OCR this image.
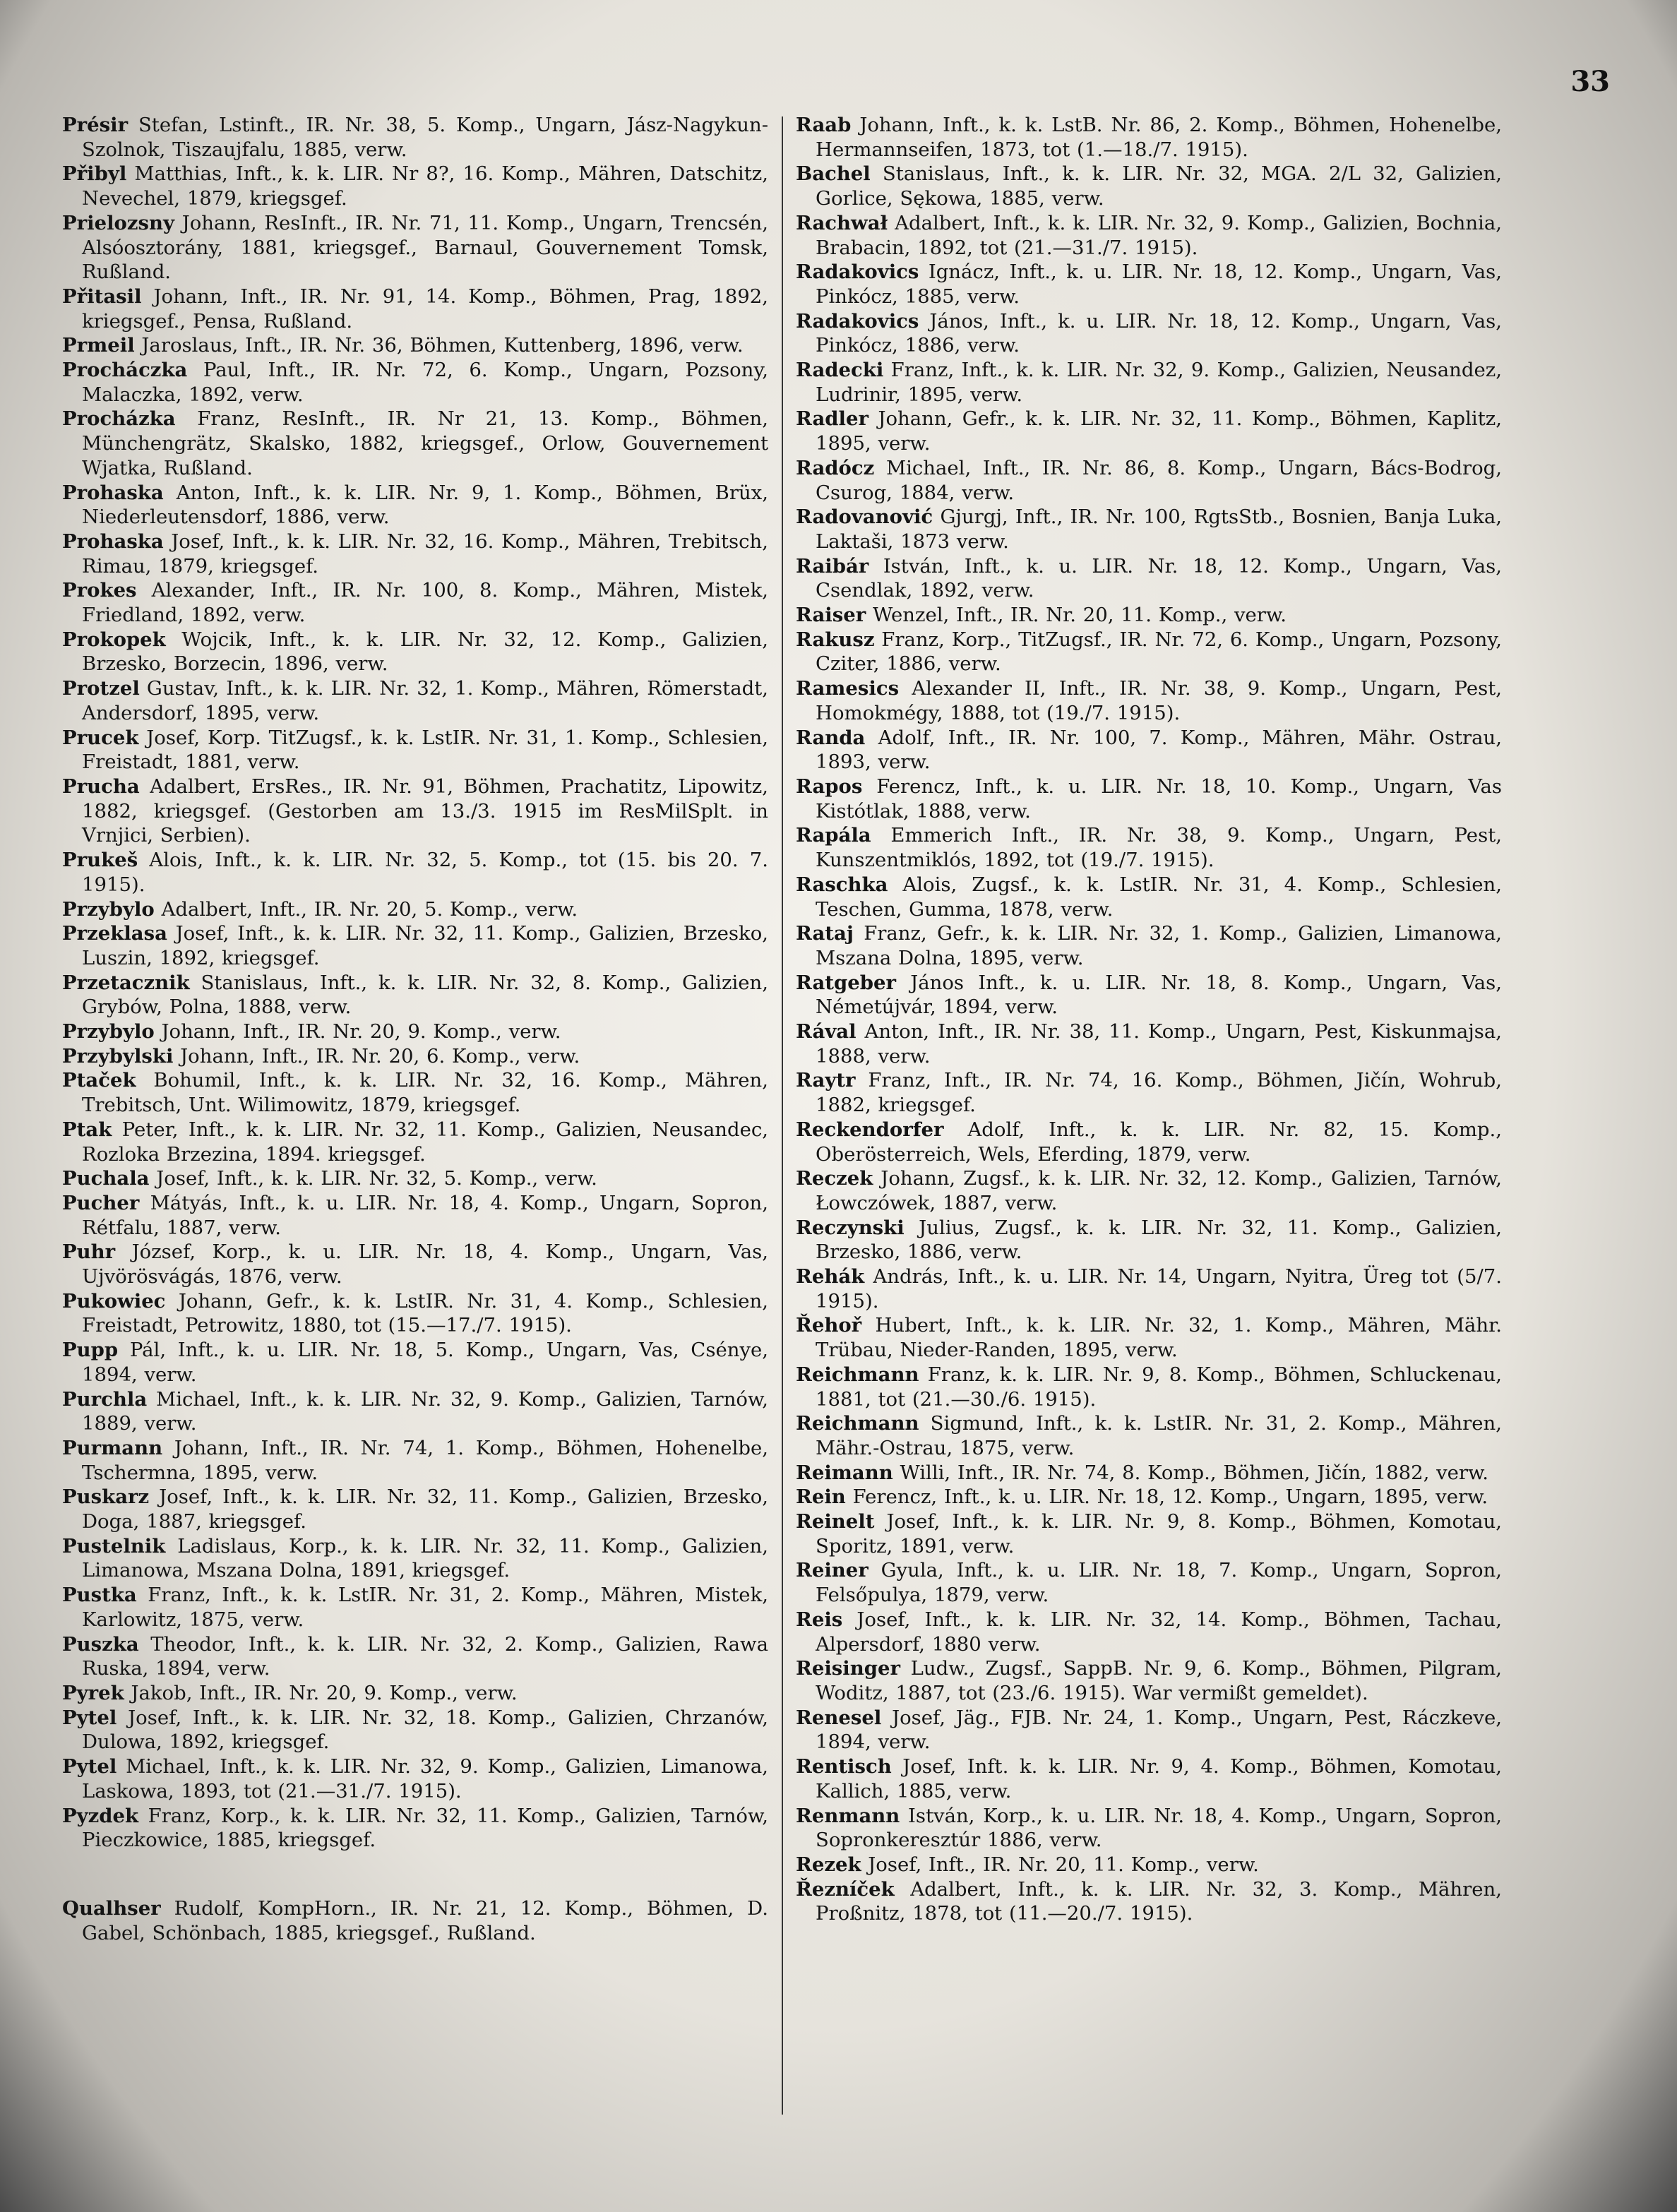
33

Présir Stefan, Lstinft., IR. Nr. 38, 5. Komp., Ungarn, Jász-Nagykun-Szolnok, Tiszaujfalu, 1885, verw.

Přibyl Matthias, Inft., k. k. LIR. Nr 8?, 16. Komp., Mähren, Datschitz, Nevechel, 1879, kriegsgef.

Prielozsny Johann, ResInft., IR. Nr. 71, 11. Komp., Ungarn, Trencsén, Alsóosztorány, 1881, kriegsgef., Barnaul, Gouvernement Tomsk, Rußland.

Přitasil Johann, Inft., IR. Nr. 91, 14. Komp., Böhmen, Prag, 1892, kriegsgef., Pensa, Rußland.

Prmeil Jaroslaus, Inft., IR. Nr. 36, Böhmen, Kuttenberg, 1896, verw.

Procháczka Paul, Inft., IR. Nr. 72, 6. Komp., Ungarn, Pozsony, Malaczka, 1892, verw.

Procházka Franz, ResInft., IR. Nr 21, 13. Komp., Böhmen, Münchengrätz, Skalsko, 1882, kriegsgef., Orlow, Gouvernement Wjatka, Rußland.

Prohaska Anton, Inft., k. k. LIR. Nr. 9, 1. Komp., Böhmen, Brüx, Niederleutensdorf, 1886, verw.

Prohaska Josef, Inft., k. k. LIR. Nr. 32, 16. Komp., Mähren, Trebitsch, Rimau, 1879, kriegsgef.

Prokes Alexander, Inft., IR. Nr. 100, 8. Komp., Mähren, Mistek, Friedland, 1892, verw.

Prokopek Wojcik, Inft., k. k. LIR. Nr. 32, 12. Komp., Galizien, Brzesko, Borzecin, 1896, verw.

Protzel Gustav, Inft., k. k. LIR. Nr. 32, 1. Komp., Mähren, Römerstadt, Andersdorf, 1895, verw.

Prucek Josef, Korp. TitZugsf., k. k. LstIR. Nr. 31, 1. Komp., Schlesien, Freistadt, 1881, verw.

Prucha Adalbert, ErsRes., IR. Nr. 91, Böhmen, Prachatitz, Lipowitz, 1882, kriegsgef. (Gestorben am 13./3. 1915 im ResMilSplt. in Vrnjici, Serbien).

Prukeš Alois, Inft., k. k. LIR. Nr. 32, 5. Komp., tot (15. bis 20. 7. 1915).

Przybylo Adalbert, Inft., IR. Nr. 20, 5. Komp., verw.

Przeklasa Josef, Inft., k. k. LIR. Nr. 32, 11. Komp., Galizien, Brzesko, Luszin, 1892, kriegsgef.

Przetacznik Stanislaus, Inft., k. k. LIR. Nr. 32, 8. Komp., Galizien, Grybów, Polna, 1888, verw.

Przybylo Johann, Inft., IR. Nr. 20, 9. Komp., verw.

Przybylski Johann, Inft., IR. Nr. 20, 6. Komp., verw.

Ptaček Bohumil, Inft., k. k. LIR. Nr. 32, 16. Komp., Mähren, Trebitsch, Unt. Wilimowitz, 1879, kriegsgef.

Ptak Peter, Inft., k. k. LIR. Nr. 32, 11. Komp., Galizien, Neusandec, Rozloka Brzezina, 1894. kriegsgef.

Puchala Josef, Inft., k. k. LIR. Nr. 32, 5. Komp., verw.

Pucher Mátyás, Inft., k. u. LIR. Nr. 18, 4. Komp., Ungarn, Sopron, Rétfalu, 1887, verw.

Puhr József, Korp., k. u. LIR. Nr. 18, 4. Komp., Ungarn, Vas, Ujvörösvágás, 1876, verw.

Pukowiec Johann, Gefr., k. k. LstIR. Nr. 31, 4. Komp., Schlesien, Freistadt, Petrowitz, 1880, tot (15.—17./7. 1915).

Pupp Pál, Inft., k. u. LIR. Nr. 18, 5. Komp., Ungarn, Vas, Csénye, 1894, verw.

Purchla Michael, Inft., k. k. LIR. Nr. 32, 9. Komp., Galizien, Tarnów, 1889, verw.

Purmann Johann, Inft., IR. Nr. 74, 1. Komp., Böhmen, Hohenelbe, Tschermna, 1895, verw.

Puskarz Josef, Inft., k. k. LIR. Nr. 32, 11. Komp., Galizien, Brzesko, Doga, 1887, kriegsgef.

Pustelnik Ladislaus, Korp., k. k. LIR. Nr. 32, 11. Komp., Galizien, Limanowa, Mszana Dolna, 1891, kriegsgef.

Pustka Franz, Inft., k. k. LstIR. Nr. 31, 2. Komp., Mähren, Mistek, Karlowitz, 1875, verw.

Puszka Theodor, Inft., k. k. LIR. Nr. 32, 2. Komp., Galizien, Rawa Ruska, 1894, verw.

Pyrek Jakob, Inft., IR. Nr. 20, 9. Komp., verw.

Pytel Josef, Inft., k. k. LIR. Nr. 32, 18. Komp., Galizien, Chrzanów, Dulowa, 1892, kriegsgef.

Pytel Michael, Inft., k. k. LIR. Nr. 32, 9. Komp., Galizien, Limanowa, Laskowa, 1893, tot (21.—31./7. 1915).

Pyzdek Franz, Korp., k. k. LIR. Nr. 32, 11. Komp., Galizien, Tarnów, Pieczkowice, 1885, kriegsgef.

Qualhser Rudolf, KompHorn., IR. Nr. 21, 12. Komp., Böhmen, D. Gabel, Schönbach, 1885, kriegsgef., Rußland.

Raab Johann, Inft., k. k. LstB. Nr. 86, 2. Komp., Böhmen, Hohenelbe, Hermannseifen, 1873, tot (1.—18./7. 1915).

Bachel Stanislaus, Inft., k. k. LIR. Nr. 32, MGA. 2/L 32, Galizien, Gorlice, Sękowa, 1885, verw.

Rachwał Adalbert, Inft., k. k. LIR. Nr. 32, 9. Komp., Galizien, Bochnia, Brabacin, 1892, tot (21.—31./7. 1915).

Radakovics Ignácz, Inft., k. u. LIR. Nr. 18, 12. Komp., Ungarn, Vas, Pinkócz, 1885, verw.

Radakovics János, Inft., k. u. LIR. Nr. 18, 12. Komp., Ungarn, Vas, Pinkócz, 1886, verw.

Radecki Franz, Inft., k. k. LIR. Nr. 32, 9. Komp., Galizien, Neusandez, Ludrinir, 1895, verw.

Radler Johann, Gefr., k. k. LIR. Nr. 32, 11. Komp., Böhmen, Kaplitz, 1895, verw.

Radócz Michael, Inft., IR. Nr. 86, 8. Komp., Ungarn, Bács-Bodrog, Csurog, 1884, verw.

Radovanović Gjurgj, Inft., IR. Nr. 100, RgtsStb., Bosnien, Banja Luka, Laktaši, 1873 verw.

Raibár István, Inft., k. u. LIR. Nr. 18, 12. Komp., Ungarn, Vas, Csendlak, 1892, verw.

Raiser Wenzel, Inft., IR. Nr. 20, 11. Komp., verw.

Rakusz Franz, Korp., TitZugsf., IR. Nr. 72, 6. Komp., Ungarn, Pozsony, Cziter, 1886, verw.

Ramesics Alexander II, Inft., IR. Nr. 38, 9. Komp., Ungarn, Pest, Homokmégy, 1888, tot (19./7. 1915).

Randa Adolf, Inft., IR. Nr. 100, 7. Komp., Mähren, Mähr. Ostrau, 1893, verw.

Rapos Ferencz, Inft., k. u. LIR. Nr. 18, 10. Komp., Ungarn, Vas Kistótlak, 1888, verw.

Rapála Emmerich Inft., IR. Nr. 38, 9. Komp., Ungarn, Pest, Kunszentmiklós, 1892, tot (19./7. 1915).

Raschka Alois, Zugsf., k. k. LstIR. Nr. 31, 4. Komp., Schlesien, Teschen, Gumma, 1878, verw.

Rataj Franz, Gefr., k. k. LIR. Nr. 32, 1. Komp., Galizien, Limanowa, Mszana Dolna, 1895, verw.

Ratgeber János Inft., k. u. LIR. Nr. 18, 8. Komp., Ungarn, Vas, Németújvár, 1894, verw.

Rával Anton, Inft., IR. Nr. 38, 11. Komp., Ungarn, Pest, Kiskunmajsa, 1888, verw.

Raytr Franz, Inft., IR. Nr. 74, 16. Komp., Böhmen, Jičín, Wohrub, 1882, kriegsgef.

Reckendorfer Adolf, Inft., k. k. LIR. Nr. 82, 15. Komp., Oberösterreich, Wels, Eferding, 1879, verw.

Reczek Johann, Zugsf., k. k. LIR. Nr. 32, 12. Komp., Galizien, Tarnów, Łowczówek, 1887, verw.

Reczynski Julius, Zugsf., k. k. LIR. Nr. 32, 11. Komp., Galizien, Brzesko, 1886, verw.

Rehák András, Inft., k. u. LIR. Nr. 14, Ungarn, Nyitra, Üreg tot (5/7. 1915).

Řehoř Hubert, Inft., k. k. LIR. Nr. 32, 1. Komp., Mähren, Mähr. Trübau, Nieder-Randen, 1895, verw.

Reichmann Franz, k. k. LIR. Nr. 9, 8. Komp., Böhmen, Schluckenau, 1881, tot (21.—30./6. 1915).

Reichmann Sigmund, Inft., k. k. LstIR. Nr. 31, 2. Komp., Mähren, Mähr.-Ostrau, 1875, verw.

Reimann Willi, Inft., IR. Nr. 74, 8. Komp., Böhmen, Jičín, 1882, verw.

Rein Ferencz, Inft., k. u. LIR. Nr. 18, 12. Komp., Ungarn, 1895, verw.

Reinelt Josef, Inft., k. k. LIR. Nr. 9, 8. Komp., Böhmen, Komotau, Sporitz, 1891, verw.

Reiner Gyula, Inft., k. u. LIR. Nr. 18, 7. Komp., Ungarn, Sopron, Felsőpulya, 1879, verw.

Reis Josef, Inft., k. k. LIR. Nr. 32, 14. Komp., Böhmen, Tachau, Alpersdorf, 1880 verw.

Reisinger Ludw., Zugsf., SappB. Nr. 9, 6. Komp., Böhmen, Pilgram, Woditz, 1887, tot (23./6. 1915). War vermißt gemeldet).

Renesel Josef, Jäg., FJB. Nr. 24, 1. Komp., Ungarn, Pest, Ráczkeve, 1894, verw.

Rentisch Josef, Inft. k. k. LIR. Nr. 9, 4. Komp., Böhmen, Komotau, Kallich, 1885, verw.

Renmann István, Korp., k. u. LIR. Nr. 18, 4. Komp., Ungarn, Sopron, Sopronkeresztúr 1886, verw.

Rezek Josef, Inft., IR. Nr. 20, 11. Komp., verw.

Řezníček Adalbert, Inft., k. k. LIR. Nr. 32, 3. Komp., Mähren, Proßnitz, 1878, tot (11.—20./7. 1915).
